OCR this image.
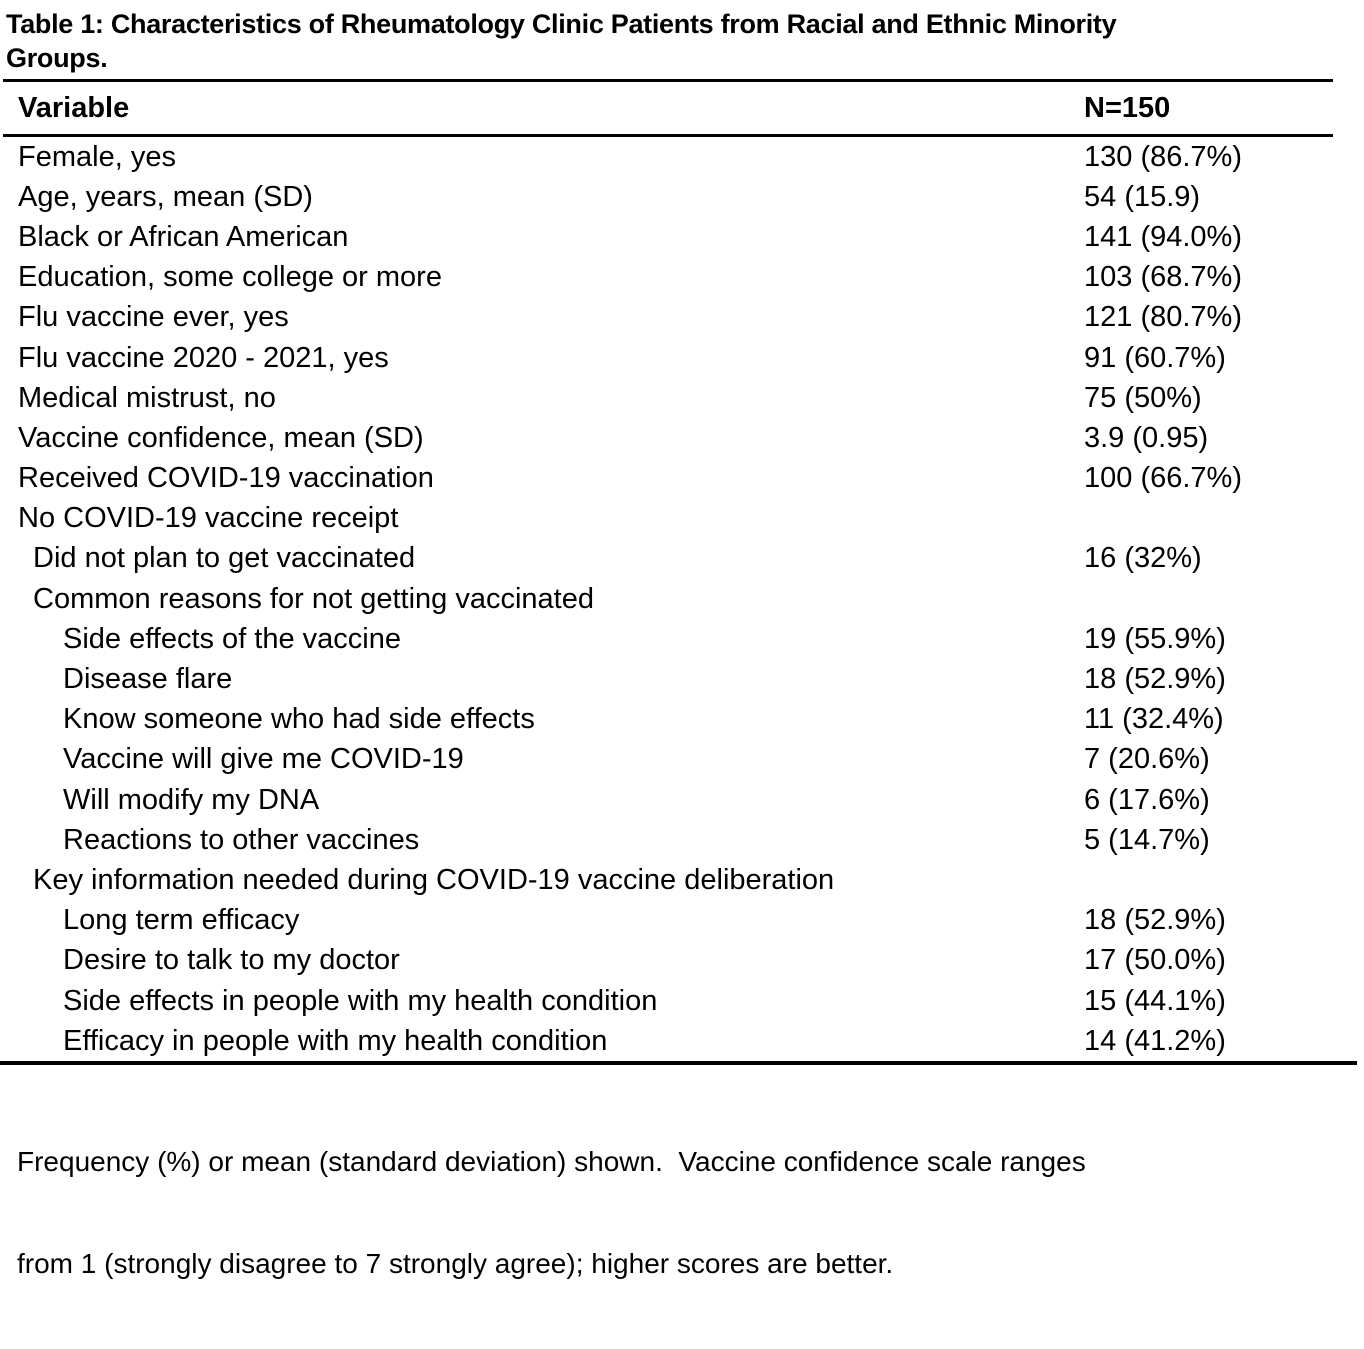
Table 1: Characteristics of Rheumatology Clinic Patients from Racial and Ethnic Minority
Groups.
Variable	N=150
Female, yes	130 (86.7%)
Age, years, mean (SD)	54 (15.9)
Black or African American	141 (94.0%)
Education, some college or more	103 (68.7%)
Flu vaccine ever, yes	121 (80.7%)
Flu vaccine 2020 - 2021, yes	91 (60.7%)
Medical mistrust, no	75 (50%)
Vaccine confidence, mean (SD)	3.9 (0.95)
Received COVID-19 vaccination	100 (66.7%)
No COVID-19 vaccine receipt
Did not plan to get vaccinated	16 (32%)
Common reasons for not getting vaccinated
Side effects of the vaccine	19 (55.9%)
Disease flare	18 (52.9%)
Know someone who had side effects	11 (32.4%)
Vaccine will give me COVID-19	7 (20.6%)
Will modify my DNA	6 (17.6%)
Reactions to other vaccines	5 (14.7%)
Key information needed during COVID-19 vaccine deliberation
Long term efficacy	18 (52.9%)
Desire to talk to my doctor	17 (50.0%)
Side effects in people with my health condition	15 (44.1%)
Efficacy in people with my health condition	14 (41.2%)

Frequency (%) or mean (standard deviation) shown.  Vaccine confidence scale ranges

from 1 (strongly disagree to 7 strongly agree); higher scores are better.
